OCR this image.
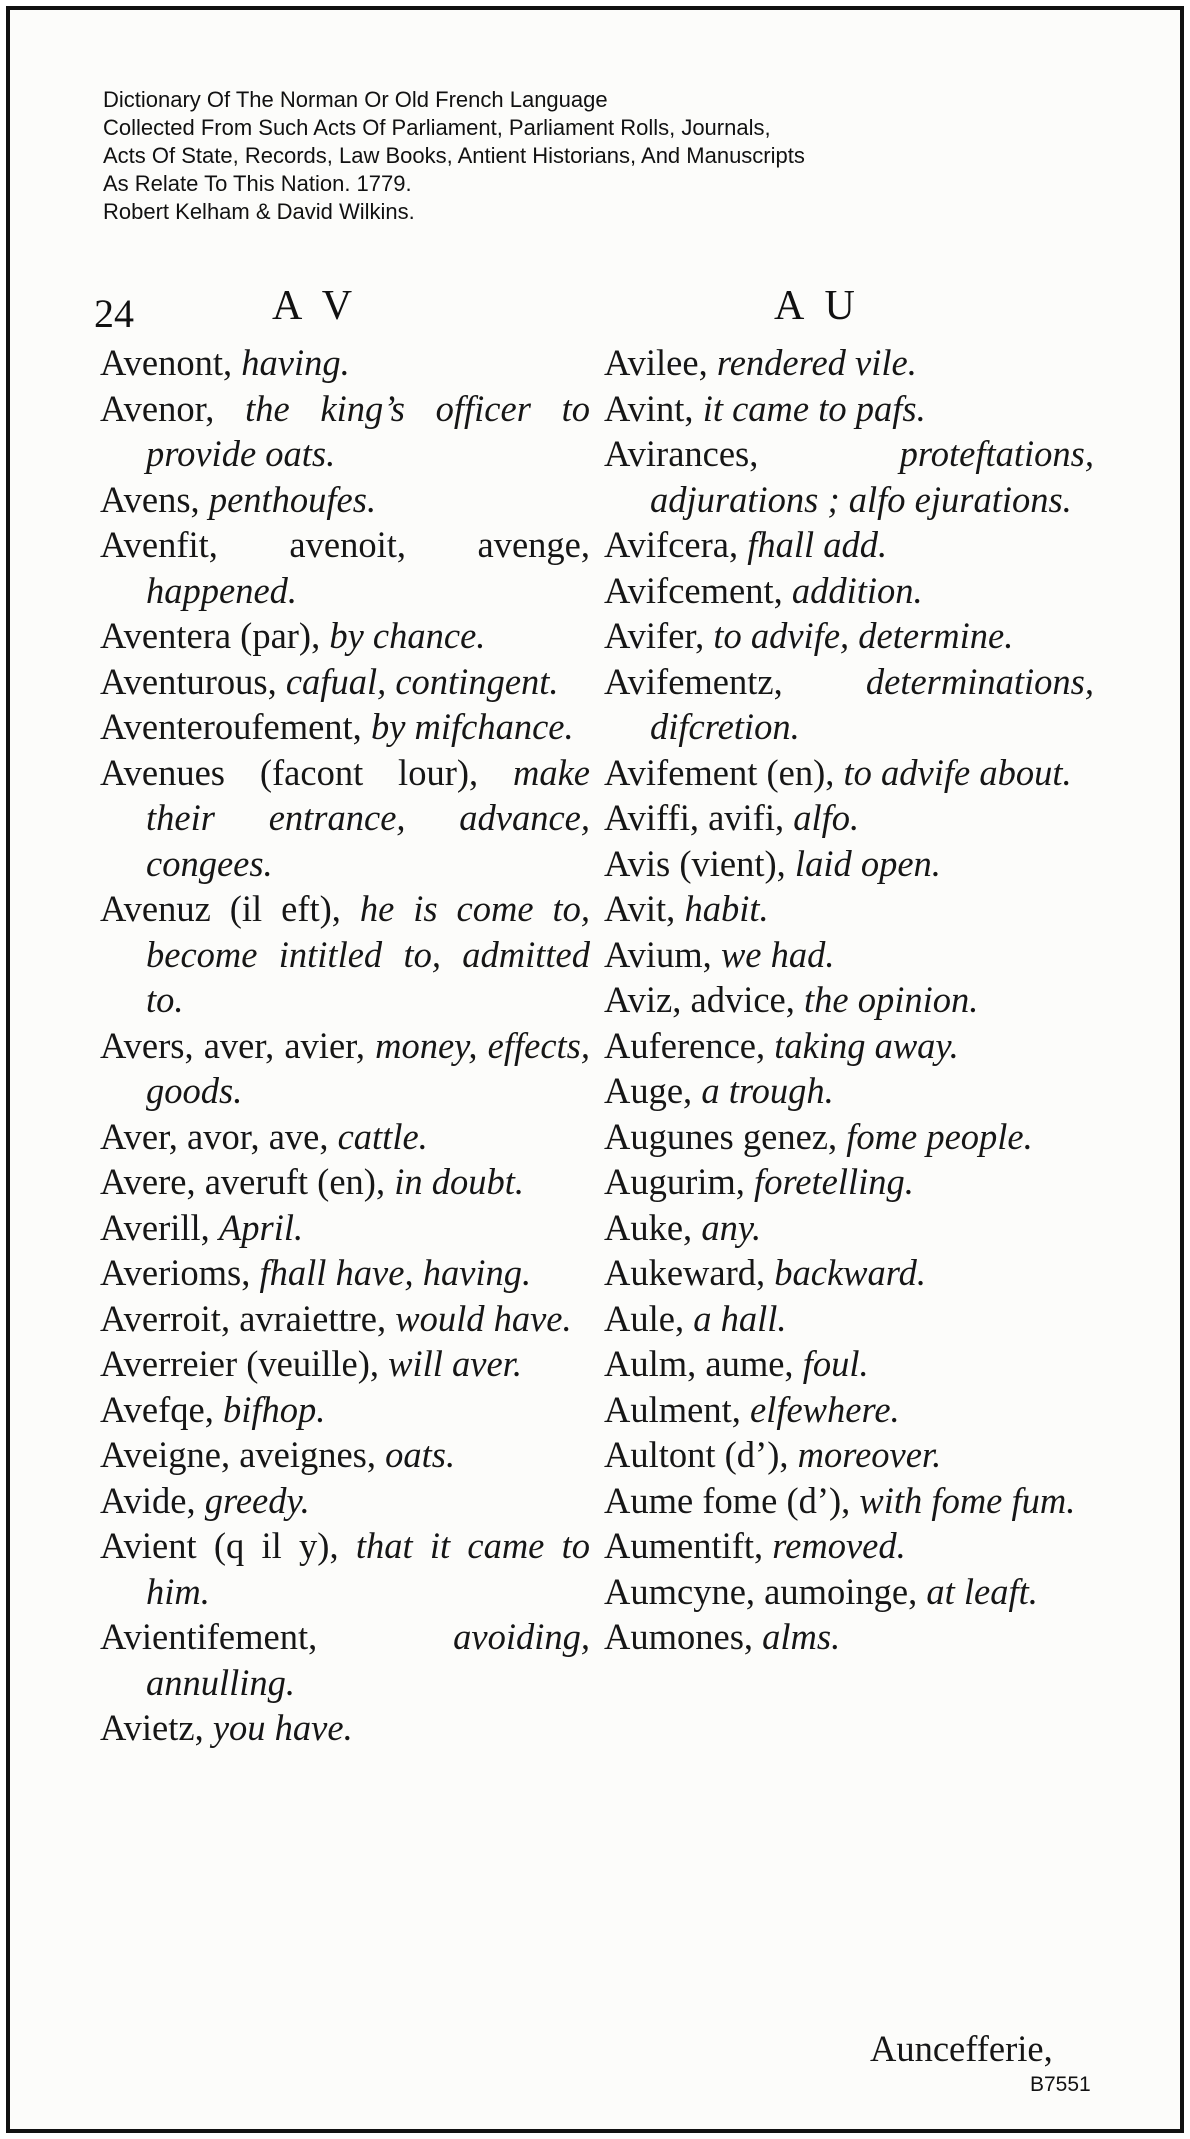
Dictionary Of The Norman Or Old French Language
Collected From Such Acts Of Parliament, Parliament Rolls, Journals,
Acts Of State, Records, Law Books, Antient Historians, And Manuscripts
As Relate To This Nation. 1779.
Robert Kelham & David Wilkins.
24	A V	A U
Avenont, having.
Avenor, the king’s officer to provide oats.
Avens, penthoufes.
Avenfit, avenoit, avenge, happened.
Aventera (par), by chance.
Aventurous, cafual, contingent.
Aventeroufement, by mifchance.
Avenues (facont lour), make their entrance, advance, congees.
Avenuz (il eft), he is come to, become intitled to, admitted to.
Avers, aver, avier, money, effects, goods.
Aver, avor, ave, cattle.
Avere, averuft (en), in doubt.
Averill, April.
Averioms, fhall have, having.
Averroit, avraiettre, would have.
Averreier (veuille), will aver.
Avefqe, bifhop.
Aveigne, aveignes, oats.
Avide, greedy.
Avient (q il y), that it came to him.
Avientifement,	avoiding, annulling.
Avietz, you have.
Avilee, rendered vile.
Avint, it came to pafs.
Avirances,	proteftations, adjurations ; alfo ejurations.
Avifcera, fhall add.
Avifcement, addition.
Avifer, to advife, determine.
Avifementz, determinations, difcretion.
Avifement (en), to advife about.
Aviffi, avifi, alfo.
Avis (vient), laid open.
Avit, habit.
Avium, we had.
Aviz, advice, the opinion.
Auference, taking away.
Auge, a trough.
Augunes genez, fome people.
Augurim, foretelling.
Auke, any.
Aukeward, backward.
Aule, a hall.
Aulm, aume, foul.
Aulment, elfewhere.
Aultont (d’), moreover.
Aume fome (d’), with fome fum.
Aumentift, removed.
Aumcyne, aumoinge, at leaft.
Aumones, alms.
Auncefferie,
B7551
